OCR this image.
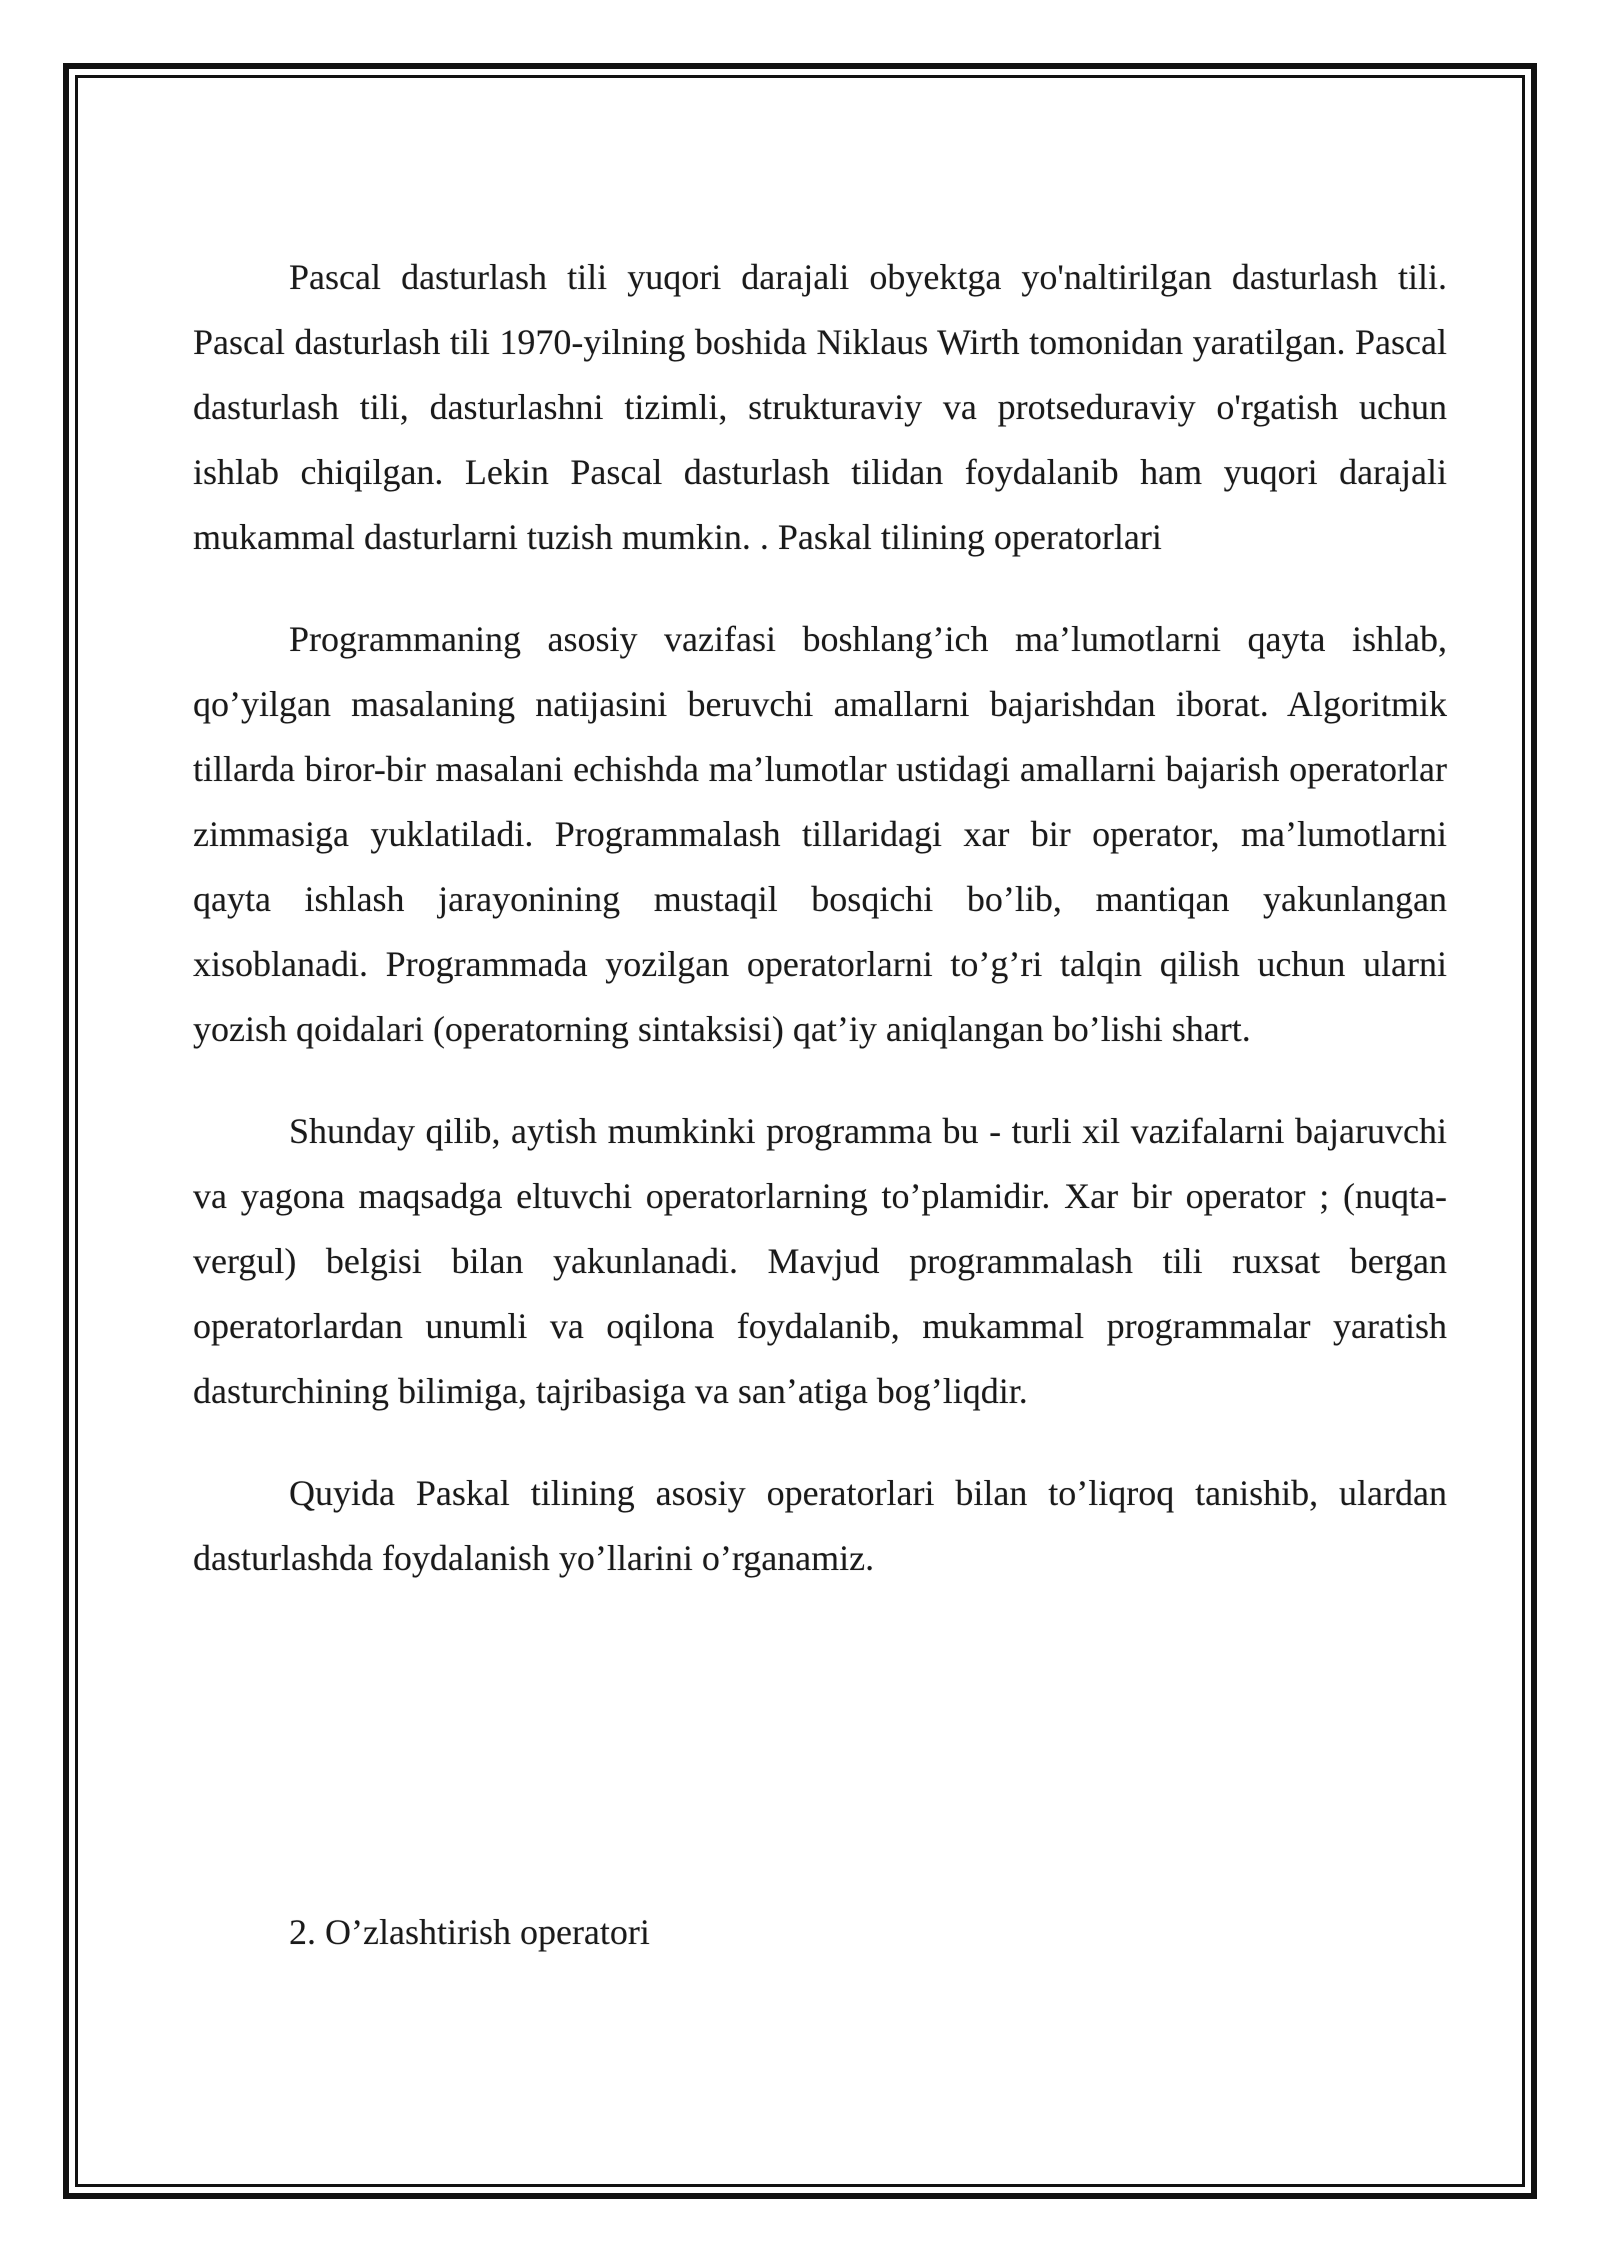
Pascal dasturlash tili yuqori darajali obyektga yo'naltirilgan dasturlash tili. Pascal dasturlash tili 1970-yilning boshida Niklaus Wirth tomonidan yaratilgan. Pascal dasturlash tili, dasturlashni tizimli, strukturaviy va protseduraviy o'rgatish uchun ishlab chiqilgan. Lekin Pascal dasturlash tilidan foydalanib ham yuqori darajali mukammal dasturlarni tuzish mumkin. . Paskal tilining operatorlari

Programmaning asosiy vazifasi boshlang’ich ma’lumotlarni qayta ishlab, qo’yilgan masalaning natijasini beruvchi amallarni bajarishdan iborat. Algoritmik tillarda biror-bir masalani echishda ma’lumotlar ustidagi amallarni bajarish operatorlar zimmasiga yuklatiladi. Programmalash tillaridagi xar bir operator, ma’lumotlarni qayta ishlash jarayonining mustaqil bosqichi bo’lib, mantiqan yakunlangan xisoblanadi. Programmada yozilgan operatorlarni to’g’ri talqin qilish uchun ularni yozish qoidalari (operatorning sintaksisi) qat’iy aniqlangan bo’lishi shart.

Shunday qilib, aytish mumkinki programma bu - turli xil vazifalarni bajaruvchi va yagona maqsadga eltuvchi operatorlarning to’plamidir. Xar bir operator ; (nuqta-vergul) belgisi bilan yakunlanadi. Mavjud programmalash tili ruxsat bergan operatorlardan unumli va oqilona foydalanib, mukammal programmalar yaratish dasturchining bilimiga, tajribasiga va san’atiga bog’liqdir.

Quyida Paskal tilining asosiy operatorlari bilan to’liqroq tanishib, ulardan dasturlashda foydalanish yo’llarini o’rganamiz.

2. O’zlashtirish operatori
